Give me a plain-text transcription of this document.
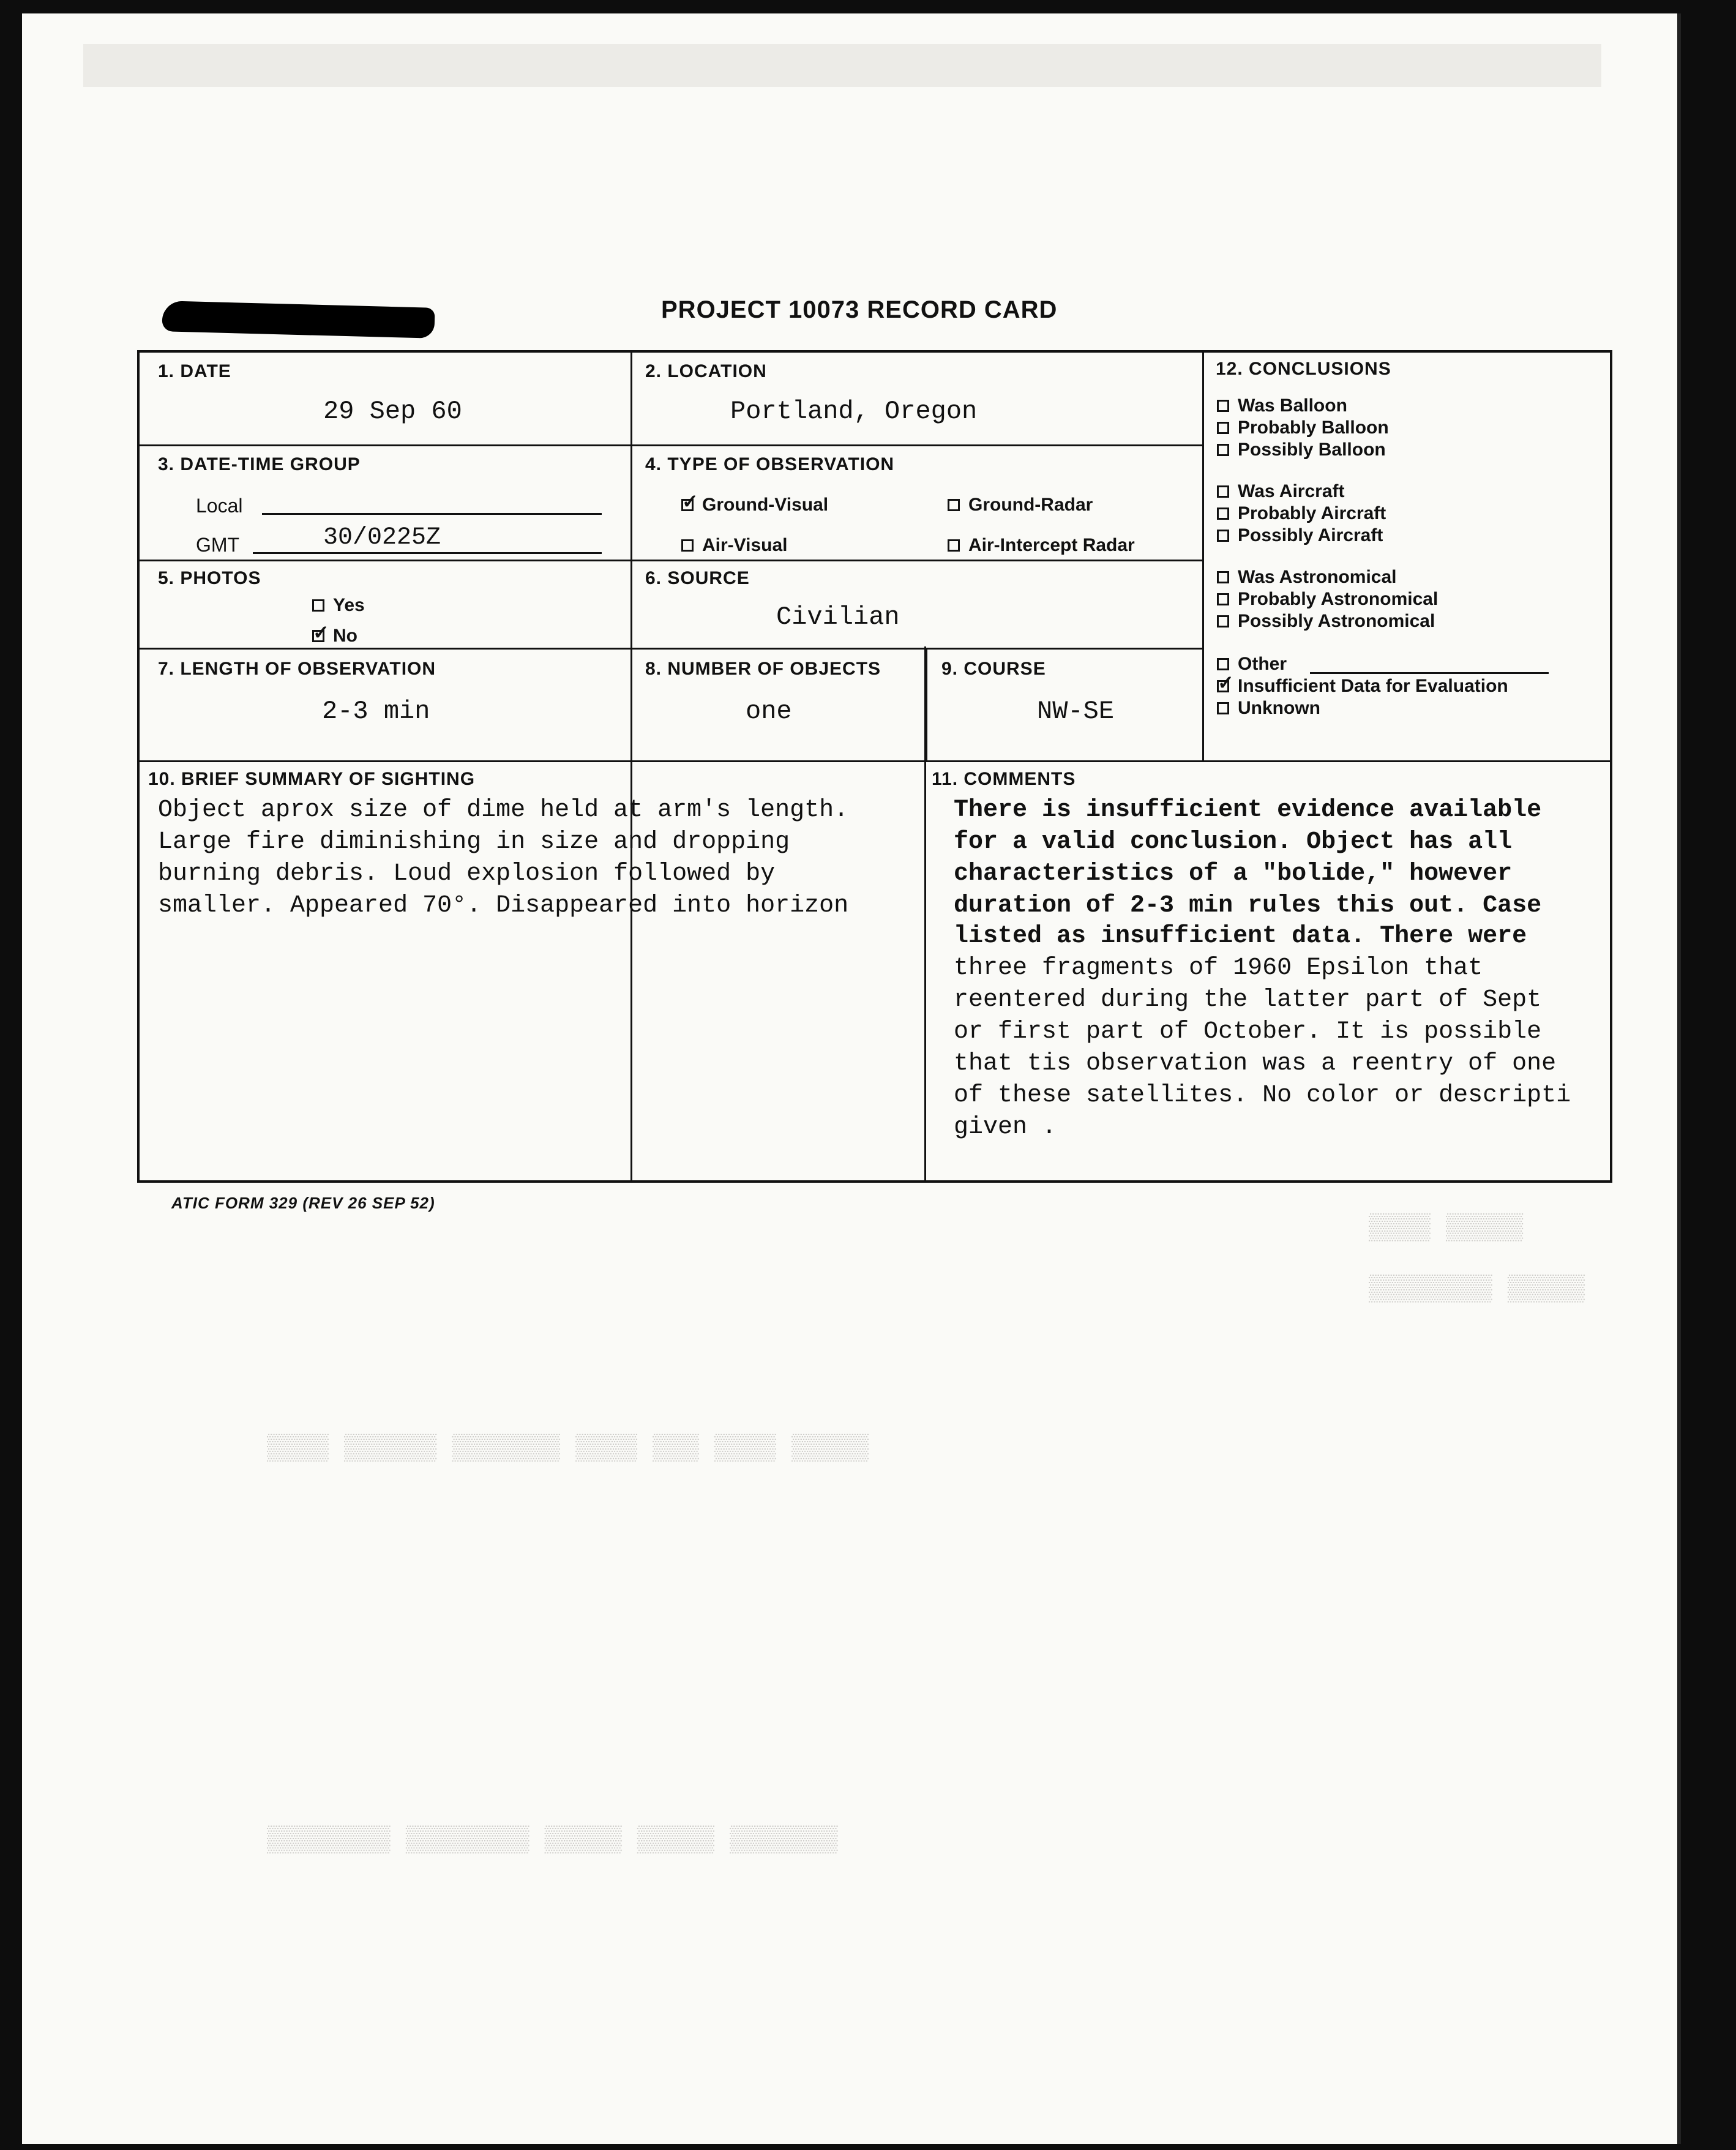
▒▒▒▒ ▒▒▒▒▒
▒▒▒▒▒▒▒▒ ▒▒▒▒▒
▒▒▒▒ ▒▒▒▒▒▒ ▒▒▒▒▒▒▒ ▒▒▒▒ ▒▒▒ ▒▒▒▒ ▒▒▒▒▒
▒▒▒▒▒▒▒▒ ▒▒▒▒▒▒▒▒ ▒▒▒▒▒ ▒▒▒▒▒ ▒▒▒▒▒▒▒
PROJECT 10073 RECORD CARD
1. DATE
29 Sep 60
2. LOCATION
Portland, Oregon
3. DATE-TIME GROUP
Local
GMT	30/0225Z
4. TYPE OF OBSERVATION
✓
Ground-Visual	Ground-Radar
Air-Visual	Air-Intercept Radar
5. PHOTOS
Yes
✓
No
6. SOURCE
Civilian
7. LENGTH OF OBSERVATION
2-3 min
8. NUMBER OF OBJECTS
one
9. COURSE
NW-SE
10. BRIEF SUMMARY OF SIGHTING
Object aprox size of dime held at arm's length.
Large fire diminishing in size and dropping
burning debris. Loud explosion followed by
smaller. Appeared 70°. Disappeared into horizon
11. COMMENTS
There is insufficient evidence available
for a valid conclusion. Object has all
characteristics of a "bolide," however
duration of 2-3 min rules this out. Case
listed as insufficient data. There were
three fragments of 1960 Epsilon that
reentered during the latter part of Sept
or first part of October. It is possible
that tis observation was a reentry of one
of these satellites. No color or descripti
given .
12. CONCLUSIONS
Was Balloon
Probably Balloon
Possibly Balloon
Was Aircraft
Probably Aircraft
Possibly Aircraft
Was Astronomical
Probably Astronomical
Possibly Astronomical
Other
✓
Insufficient Data for Evaluation
Unknown
ATIC FORM 329 (REV 26 SEP 52)
